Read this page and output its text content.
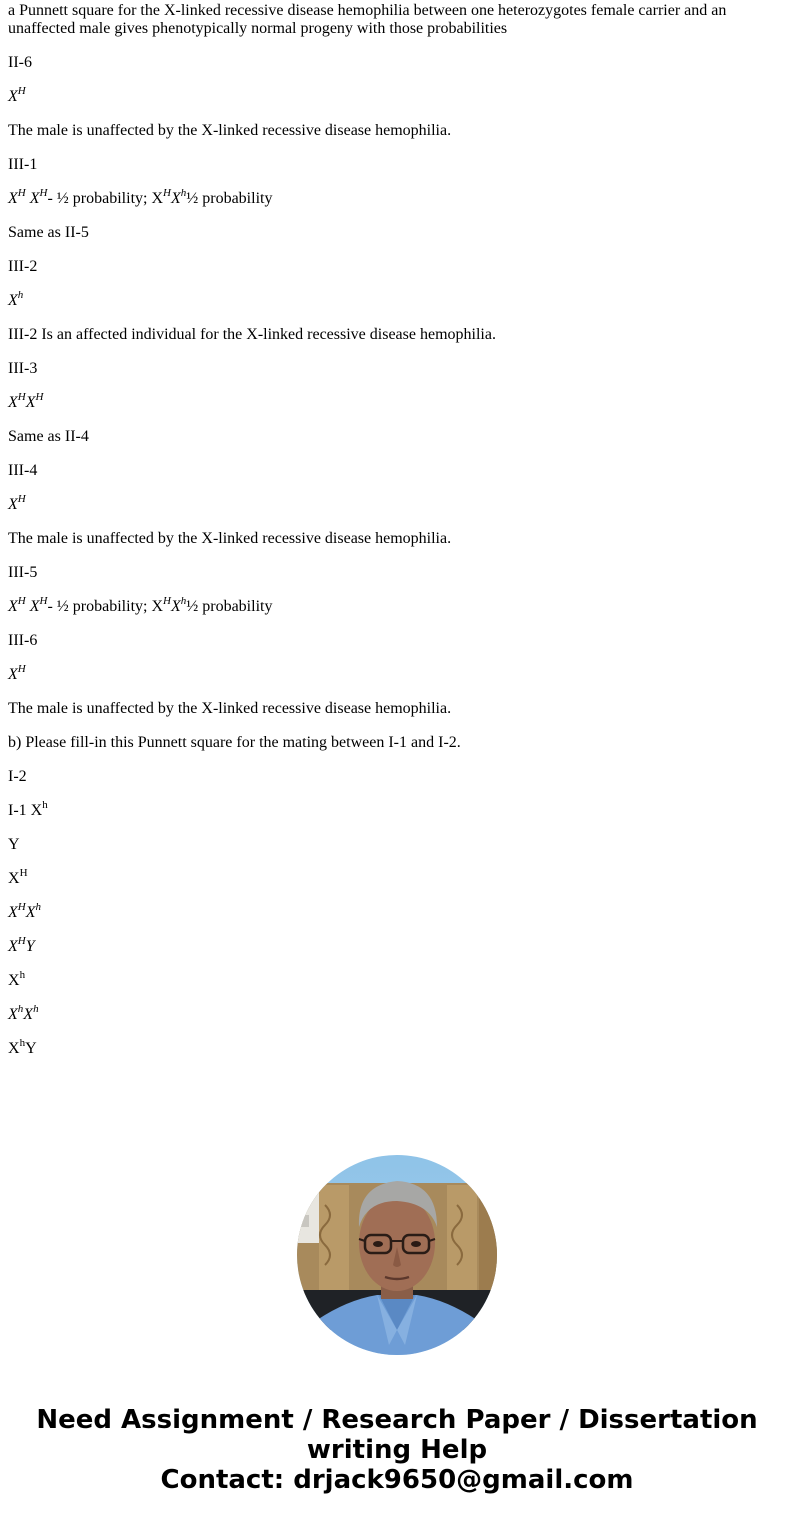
a Punnett square for the X-linked recessive disease hemophilia between one heterozygotes female carrier and an unaffected male gives phenotypically normal progeny with those probabilities

II-6

$X^H$

The male is unaffected by the X-linked recessive disease hemophilia.

III-1

$X^H$ $X^H-$ ½ probability; $X^HX^h\frac{1}{2}$ probability

Same as II-5

III-2

$X^h$

III-2 Is an affected individual for the X-linked recessive disease hemophilia.

III-3

$X^HX^H$

Same as II-4

III-4

$X^H$

The male is unaffected by the X-linked recessive disease hemophilia.

III-5

$X^H$ $X^H-$ ½ probability; $X^HX^h\frac{1}{2}$ probability

III-6

$X^H$

The male is unaffected by the X-linked recessive disease hemophilia.

b) Please fill-in this Punnett square for the mating between I-1 and I-2.

I-2

I-1 $X^h$

Y

$X^H$

$X^HX^h$

$X^HY$

$X^h$

$X^hX^h$

$X^hY$

Need Assignment / Research Paper / Dissertation
writing Help
Contact: drjack9650@gmail.com
